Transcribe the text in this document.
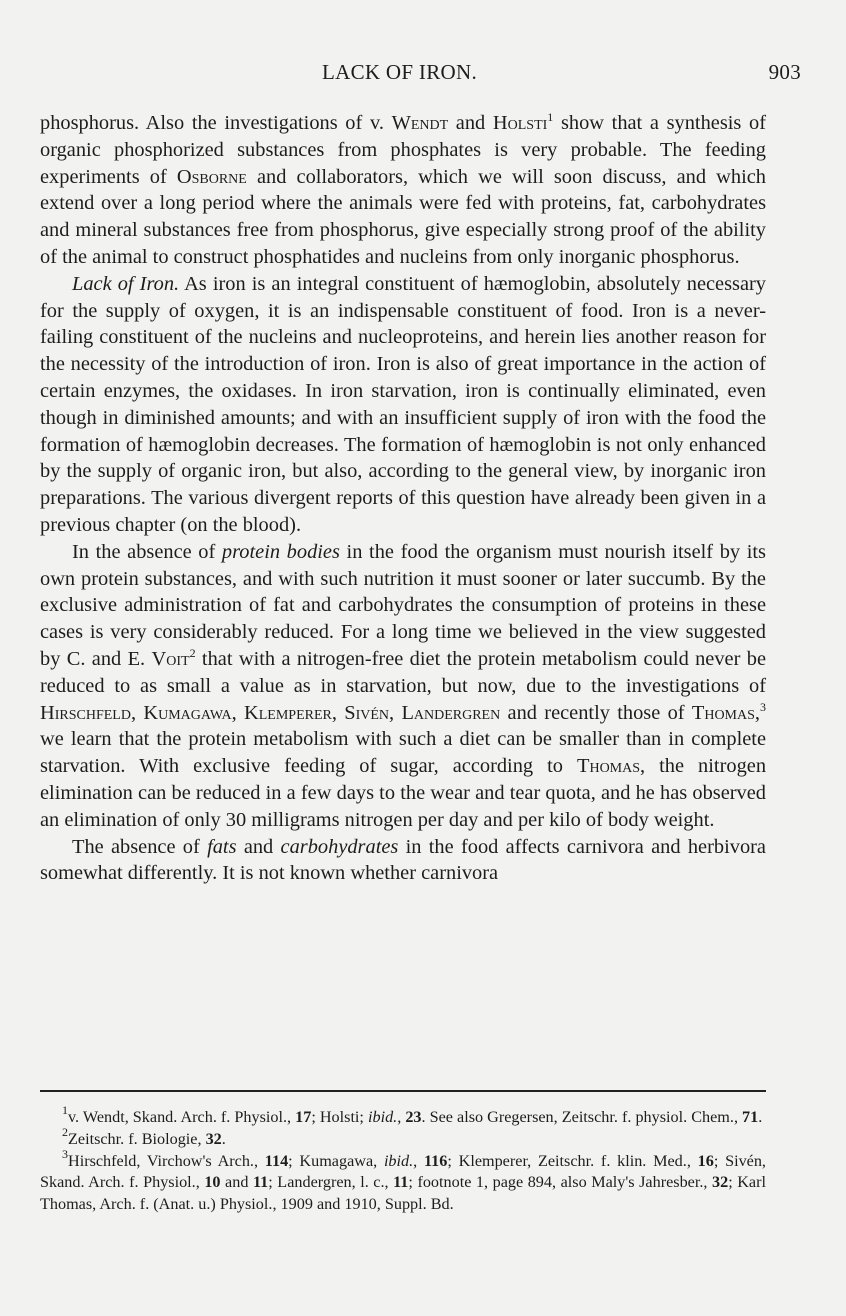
LACK OF IRON.	903

phosphorus. Also the investigations of v. Wendt and Holsti$^1$ show that a synthesis of organic phosphorized substances from phosphates is very probable. The feeding experiments of Osborne and collaborators, which we will soon discuss, and which extend over a long period where the animals were fed with proteins, fat, carbohydrates and mineral substances free from phosphorus, give especially strong proof of the ability of the animal to construct phosphatides and nucleins from only inorganic phosphorus.

Lack of Iron. As iron is an integral constituent of hæmoglobin, absolutely necessary for the supply of oxygen, it is an indispensable constituent of food. Iron is a never-failing constituent of the nucleins and nucleoproteins, and herein lies another reason for the necessity of the introduction of iron. Iron is also of great importance in the action of certain enzymes, the oxidases. In iron starvation, iron is continually eliminated, even though in diminished amounts; and with an insufficient supply of iron with the food the formation of hæmoglobin decreases. The formation of hæmoglobin is not only enhanced by the supply of organic iron, but also, according to the general view, by inorganic iron preparations. The various divergent reports of this question have already been given in a previous chapter (on the blood).

In the absence of protein bodies in the food the organism must nourish itself by its own protein substances, and with such nutrition it must sooner or later succumb. By the exclusive administration of fat and carbohydrates the consumption of proteins in these cases is very considerably reduced. For a long time we believed in the view suggested by C. and E. Voit$^2$ that with a nitrogen-free diet the protein metabolism could never be reduced to as small a value as in starvation, but now, due to the investigations of Hirschfeld, Kumagawa, Klemperer, Sivén, Landergren and recently those of Thomas,$^3$ we learn that the protein metabolism with such a diet can be smaller than in complete starvation. With exclusive feeding of sugar, according to Thomas, the nitrogen elimination can be reduced in a few days to the wear and tear quota, and he has observed an elimination of only 30 milligrams nitrogen per day and per kilo of body weight.

The absence of fats and carbohydrates in the food affects carnivora and herbivora somewhat differently. It is not known whether carnivora

$^1$v. Wendt, Skand. Arch. f. Physiol., 17; Holsti; ibid., 23. See also Gregersen, Zeitschr. f. physiol. Chem., 71.

$^2$Zeitschr. f. Biologie, 32.

$^3$Hirschfeld, Virchow's Arch., 114; Kumagawa, ibid., 116; Klemperer, Zeitschr. f. klin. Med., 16; Sivén, Skand. Arch. f. Physiol., 10 and 11; Landergren, l. c., 11; footnote 1, page 894, also Maly's Jahresber., 32; Karl Thomas, Arch. f. (Anat. u.) Physiol., 1909 and 1910, Suppl. Bd.
